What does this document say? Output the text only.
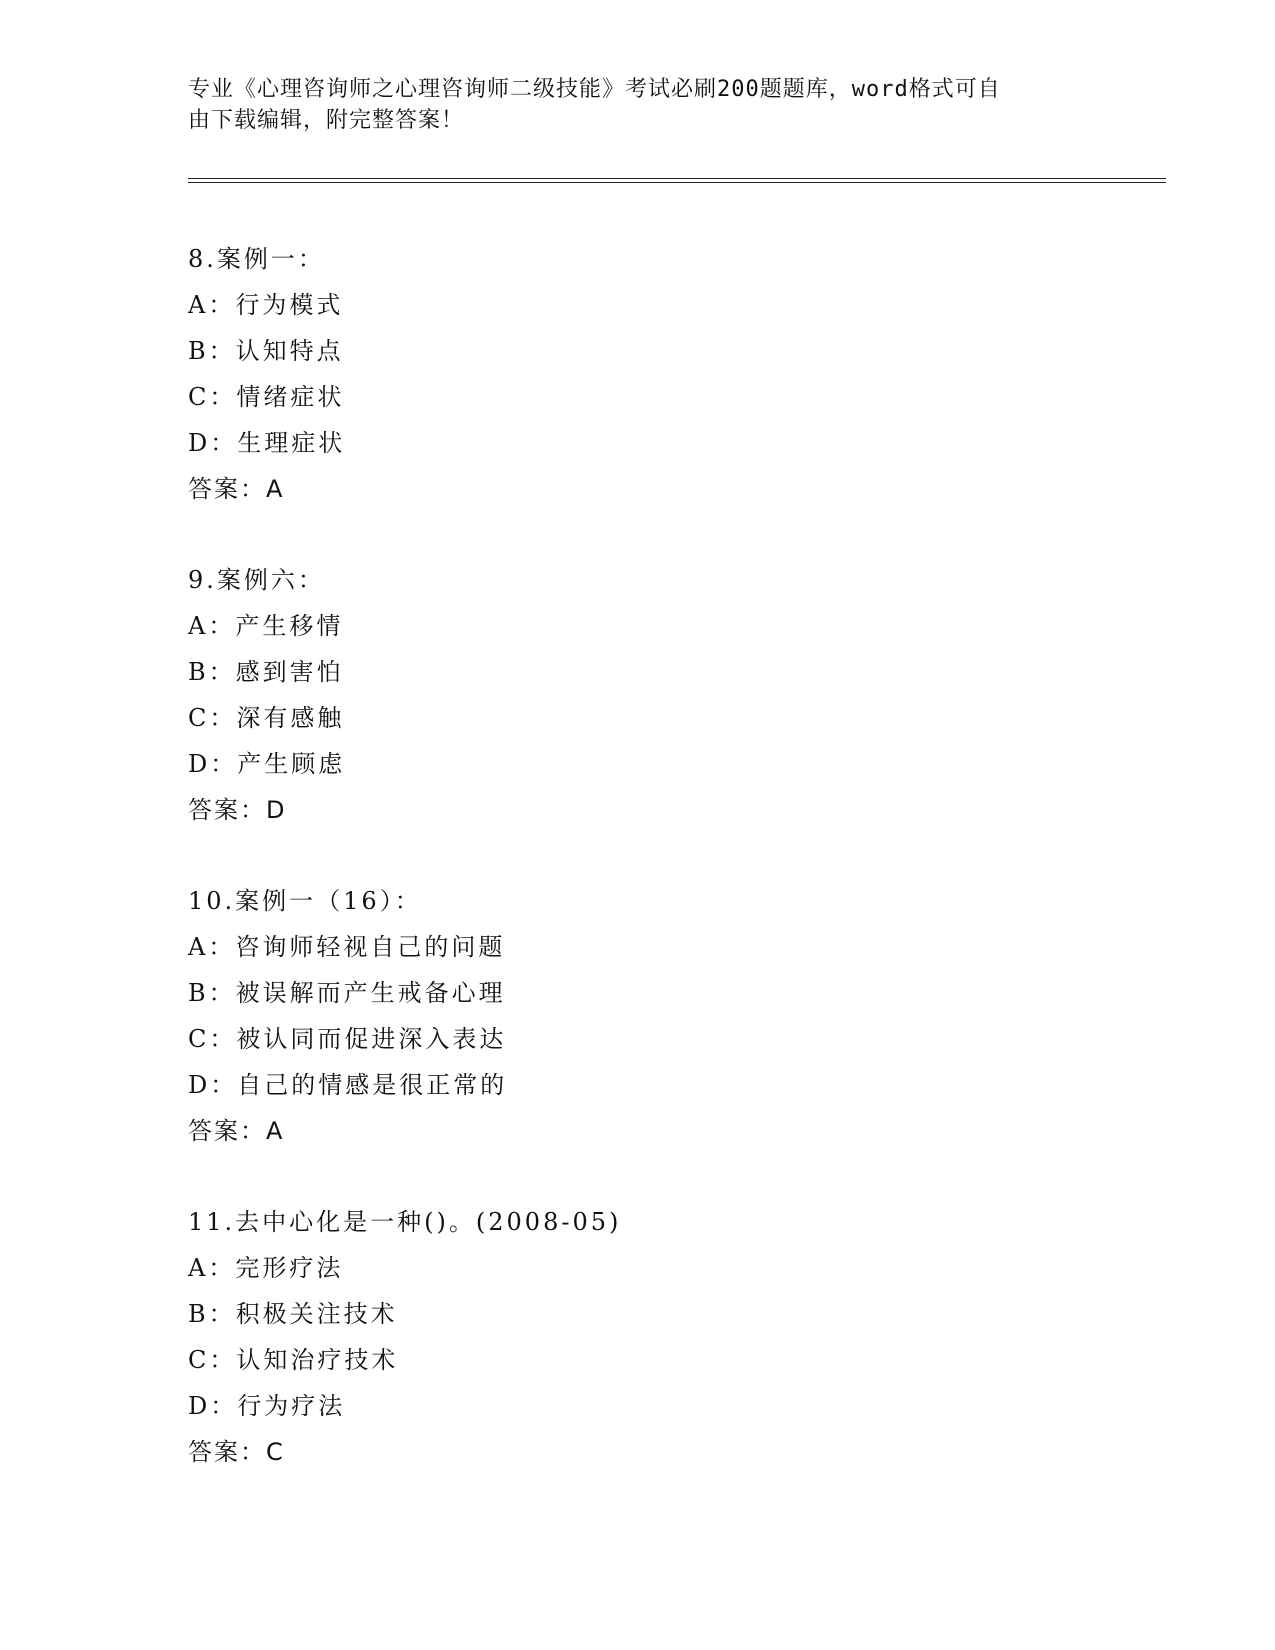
专业《心理咨询师之心理咨询师二级技能》考试必刷200题题库，word格式可自
由下载编辑，附完整答案！
8.案例一：
A：行为模式
B：认知特点
C：情绪症状
D：生理症状
答案：A
9.案例六：
A：产生移情
B：感到害怕
C：深有感触
D：产生顾虑
答案：D
10.案例一（16）：
A：咨询师轻视自己的问题
B：被误解而产生戒备心理
C：被认同而促进深入表达
D：自己的情感是很正常的
答案：A
11.去中心化是一种()。(2008-05)
A：完形疗法
B：积极关注技术
C：认知治疗技术
D：行为疗法
答案：C
